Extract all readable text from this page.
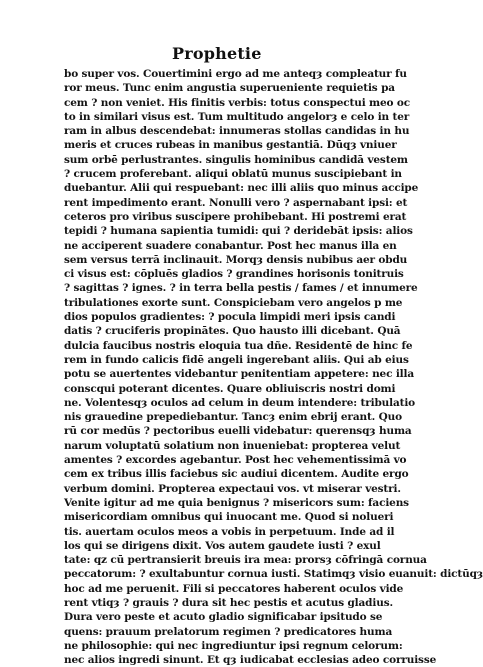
Prophetie
bo super vos. Couertimini ergo ad me anteqȝ compleatur fu
ror meus. Tunc enim angustia superueniente requietis pa
cem ? non veniet. His finitis verbis: totus conspectui meo oc
to in similari visus est. Tum multitudo angelorȝ e celo in ter
ram in albus descendebat: innumeras stollas candidas in hu
meris et cruces rubeas in manibus gestantiā. Dūqȝ vniuer
sum orbē perlustrantes. singulis hominibus candidā vestem
? crucem proferebant. aliqui oblatū munus suscipiebant in
duebantur. Alii qui respuebant: nec illi aliis quo minus accipe
rent impedimento erant. Nonulli vero ? aspernabant ipsi: et
ceteros pro viribus suscipere prohibebant. Hi postremi erat
tepidi ? humana sapientia tumidi: qui ? deridebāt ipsis: alios
ne acciperent suadere conabantur. Post hec manus illa en
sem versus terrā inclinauit. Morqȝ densis nubibus aer obdu
ci visus est: cōpluēs gladios ? grandines horisonis tonitruis
? sagittas ? ignes. ? in terra bella pestis / fames / et innumere
tribulationes exorte sunt. Conspiciebam vero angelos p me
dios populos gradientes: ? pocula limpidi meri ipsis candi
datis ? cruciferis propinātes. Quo hausto illi dicebant. Quā
dulcia faucibus nostris eloquia tua dñe. Residentē de hinc fe
rem in fundo calicis fidē angeli ingerebant aliis. Qui ab eius
potu se auertentes videbantur penitentiam appetere: nec illa
conscqui poterant dicentes. Quare obliuiscris nostri domi
ne. Volentesqȝ oculos ad celum in deum intendere: tribulatio
nis grauedine prepediebantur. Tancȝ enim ebrij erant. Quo
rū cor medūs ? pectoribus euelli videbatur: querensqȝ huma
narum voluptatū solatium non inueniebat: propterea velut
amentes ? excordes agebantur. Post hec vehementissimā vo
cem ex tribus illis faciebus sic audiui dicentem. Audite ergo
verbum domini. Propterea expectaui vos. vt miserar vestri.
Venite igitur ad me quia benignus ? misericors sum: faciens
misericordiam omnibus qui inuocant me. Quod si nolueri
tis. auertam oculos meos a vobis in perpetuum. Inde ad il
los qui se dirigens dixit. Vos autem gaudete iusti ? exul
tate: qz cū pertransierit breuis ira mea: prorsȝ cōfringā cornua
peccatorum: ? exultabuntur cornua iusti. Statimqȝ visio euanuit: dictūqȝ
hoc ad me peruenit. Fili si peccatores haberent oculos vide
rent vtiqȝ ? grauis ? dura sit hec pestis et acutus gladius.
Dura vero peste et acuto gladio significabar ipsitudo se
quens: prauum prelatorum regimen ? predicatores huma
ne philosophie: qui nec ingrediuntur ipsi regnum celorum:
nec alios ingredi sinunt. Et qȝ iudicabat ecclesias adeo corruisse
